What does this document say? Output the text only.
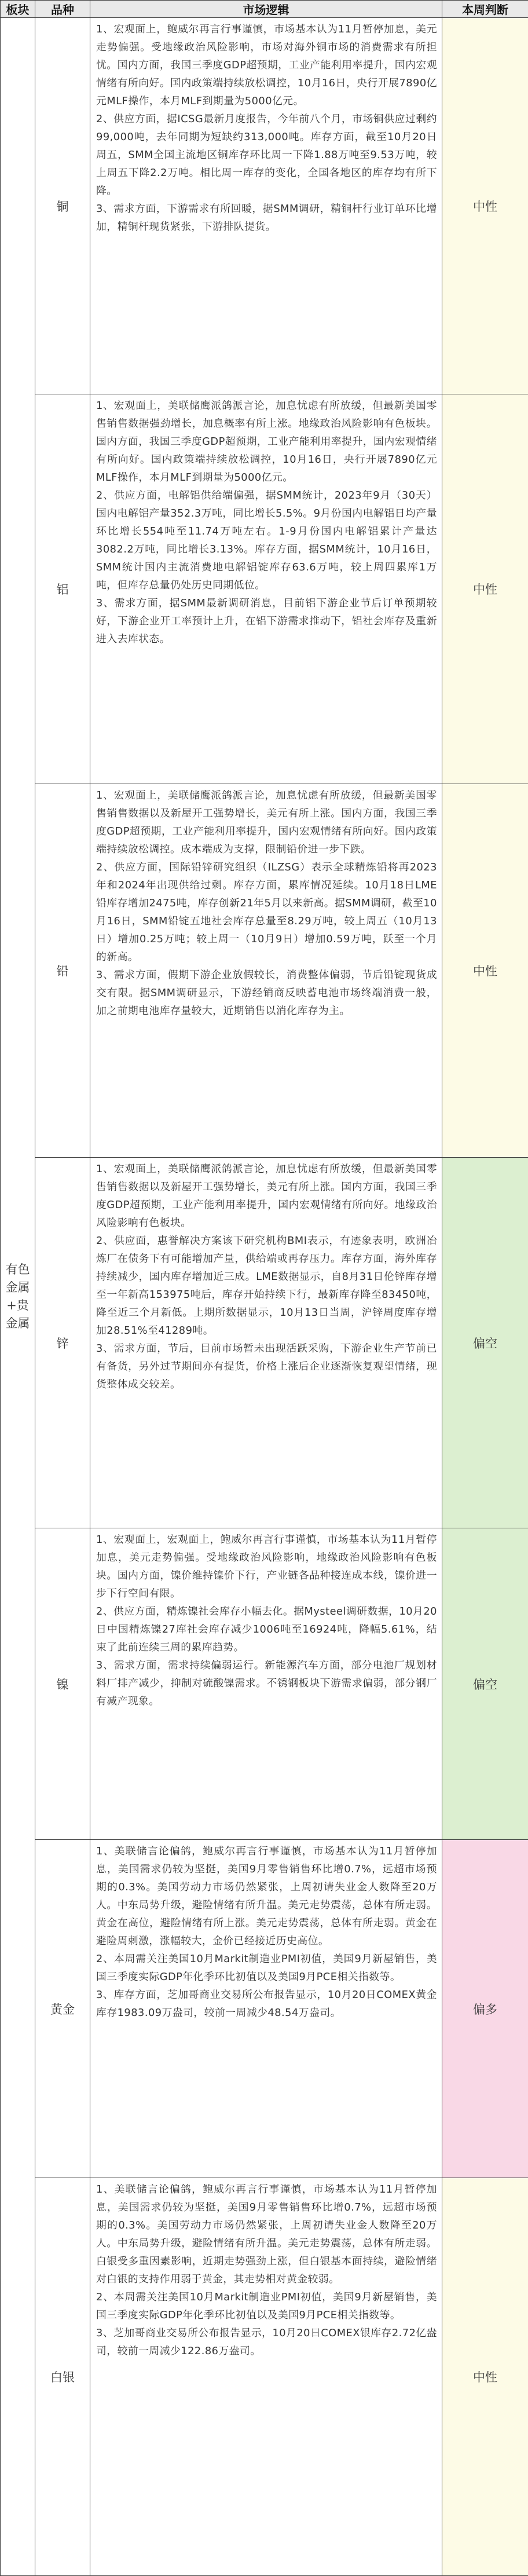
板块	品种	市场逻辑	本周判断
有色金属+贵金属	铜	1、宏观面上，鲍威尔再言行事谨慎，市场基本认为11月暂停加息，美元走势偏强。受地缘政治风险影响，市场对海外铜市场的消费需求有所担忧。国内方面，我国三季度GDP超预期，工业产能利用率提升，国内宏观情绪有所向好。国内政策端持续放松调控，10月16日，央行开展7890亿元MLF操作，本月MLF到期量为5000亿元。

2、供应方面，据ICSG最新月度报告，今年前八个月，市场铜供应过剩约99,000吨，去年同期为短缺约313,000吨。库存方面，截至10月20日周五，SMM全国主流地区铜库存环比周一下降1.88万吨至9.53万吨，较上周五下降2.2万吨。相比周一库存的变化，全国各地区的库存均有所下降。

3、需求方面，下游需求有所回暖，据SMM调研，精铜杆行业订单环比增加，精铜杆现货紧张，下游排队提货。	中性
	铝	1、宏观面上，美联储鹰派鸽派言论，加息忧虑有所放缓，但最新美国零售销售数据强劲增长，加息概率有所上涨。地缘政治风险影响有色板块。国内方面，我国三季度GDP超预期，工业产能利用率提升，国内宏观情绪有所向好。国内政策端持续放松调控，10月16日，央行开展7890亿元MLF操作，本月MLF到期量为5000亿元。

2、供应方面，电解铝供给端偏强，据SMM统计，2023年9月（30天）国内电解铝产量352.3万吨，同比增长5.5%。9月份国内电解铝日均产量环比增长554吨至11.74万吨左右。1-9月份国内电解铝累计产量达3082.2万吨，同比增长3.13%。库存方面，据SMM统计，10月16日，SMM统计国内主流消费地电解铝锭库存63.6万吨，较上周四累库1万吨，但库存总量仍处历史同期低位。

3、需求方面，据SMM最新调研消息，目前铝下游企业节后订单预期较好，下游企业开工率预计上升，在铝下游需求推动下，铝社会库存及重新进入去库状态。	中性
	铅	1、宏观面上，美联储鹰派鸽派言论，加息忧虑有所放缓，但最新美国零售销售数据以及新屋开工强势增长，美元有所上涨。国内方面，我国三季度GDP超预期，工业产能利用率提升，国内宏观情绪有所向好。国内政策端持续放松调控。成本端成为支撑，限制铅价进一步下跌。

2、供应方面，国际铅锌研究组织（ILZSG）表示全球精炼铅将再2023年和2024年出现供给过剩。库存方面，累库情况延续。10月18日LME铅库存增加2475吨，库存创新21年5月以来新高。据SMM调研，截至10月16日，SMM铅锭五地社会库存总量至8.29万吨，较上周五（10月13日）增加0.25万吨；较上周一（10月9日）增加0.59万吨，跃至一个月的新高。

3、需求方面，假期下游企业放假较长，消费整体偏弱，节后铅锭现货成交有限。据SMM调研显示，下游经销商反映蓄电池市场终端消费一般，加之前期电池库存量较大，近期销售以消化库存为主。	中性
	锌	1、宏观面上，美联储鹰派鸽派言论，加息忧虑有所放缓，但最新美国零售销售数据以及新屋开工强势增长，美元有所上涨。国内方面，我国三季度GDP超预期，工业产能利用率提升，国内宏观情绪有所向好。地缘政治风险影响有色板块。

2、供应面，惠誉解决方案该下研究机构BMI表示，有迹象表明，欧洲冶炼厂在债务下有可能增加产量，供给端或再存压力。库存方面，海外库存持续减少，国内库存增加近三成。LME数据显示，自8月31日伦锌库存增至一年新高153975吨后，库存开始持续下行，最新库存降至83450吨，降至近三个月新低。上期所数据显示，10月13日当周，沪锌周度库存增加28.51%至41289吨。

3、需求方面，节后，目前市场暂未出现活跃采购，下游企业生产节前已有备货，另外过节期间亦有提货，价格上涨后企业逐渐恢复观望情绪，现货整体成交较差。	偏空
	镍	1、宏观面上，宏观面上，鲍威尔再言行事谨慎，市场基本认为11月暂停加息，美元走势偏强。受地缘政治风险影响，地缘政治风险影响有色板块。国内方面，镍价维持镍价下行，产业链各品种接连成本线，镍价进一步下行空间有限。

2、供应方面，精炼镍社会库存小幅去化。据Mysteel调研数据，10月20日中国精炼镍27库社会库存减少1006吨至16924吨，降幅5.61%，结束了此前连续三周的累库趋势。

3、需求方面，需求持续偏弱运行。新能源汽车方面，部分电池厂规划材料厂排产减少，抑制对硫酸镍需求。不锈钢板块下游需求偏弱，部分钢厂有减产现象。	偏空
	黄金	1、美联储言论偏鸽，鲍威尔再言行事谨慎，市场基本认为11月暂停加息，美国需求仍较为坚挺，美国9月零售销售环比增0.7%，远超市场预期的0.3%。美国劳动力市场仍然紧张，上周初请失业金人数降至20万人。中东局势升级，避险情绪有所升温。美元走势震荡，总体有所走弱。黄金在高位，避险情绪有所上涨。美元走势震荡，总体有所走弱。黄金在避险周刺激，涨幅较大，金价已经接近历史高位。

2、本周需关注美国10月Markit制造业PMI初值，美国9月新屋销售，美国三季度实际GDP年化季环比初值以及美国9月PCE相关指数等。

3、库存方面，芝加哥商业交易所公布报告显示，10月20日COMEX黄金库存1983.09万盎司，较前一周减少48.54万盎司。	偏多
	白银	1、美联储言论偏鸽，鲍威尔再言行事谨慎，市场基本认为11月暂停加息，美国需求仍较为坚挺，美国9月零售销售环比增0.7%，远超市场预期的0.3%。美国劳动力市场仍然紧张，上周初请失业金人数降至20万人。中东局势升级，避险情绪有所升温。美元走势震荡，总体有所走弱。白银受多重因素影响，近期走势强劲上涨，但白银基本面持续，避险情绪对白银的支持作用弱于黄金，其走势相对黄金较弱。

2、本周需关注美国10月Markit制造业PMI初值，美国9月新屋销售，美国三季度实际GDP年化季环比初值以及美国9月PCE相关指数等。

3、芝加哥商业交易所公布报告显示，10月20日COMEX银库存2.72亿盎司，较前一周减少122.86万盎司。	中性
